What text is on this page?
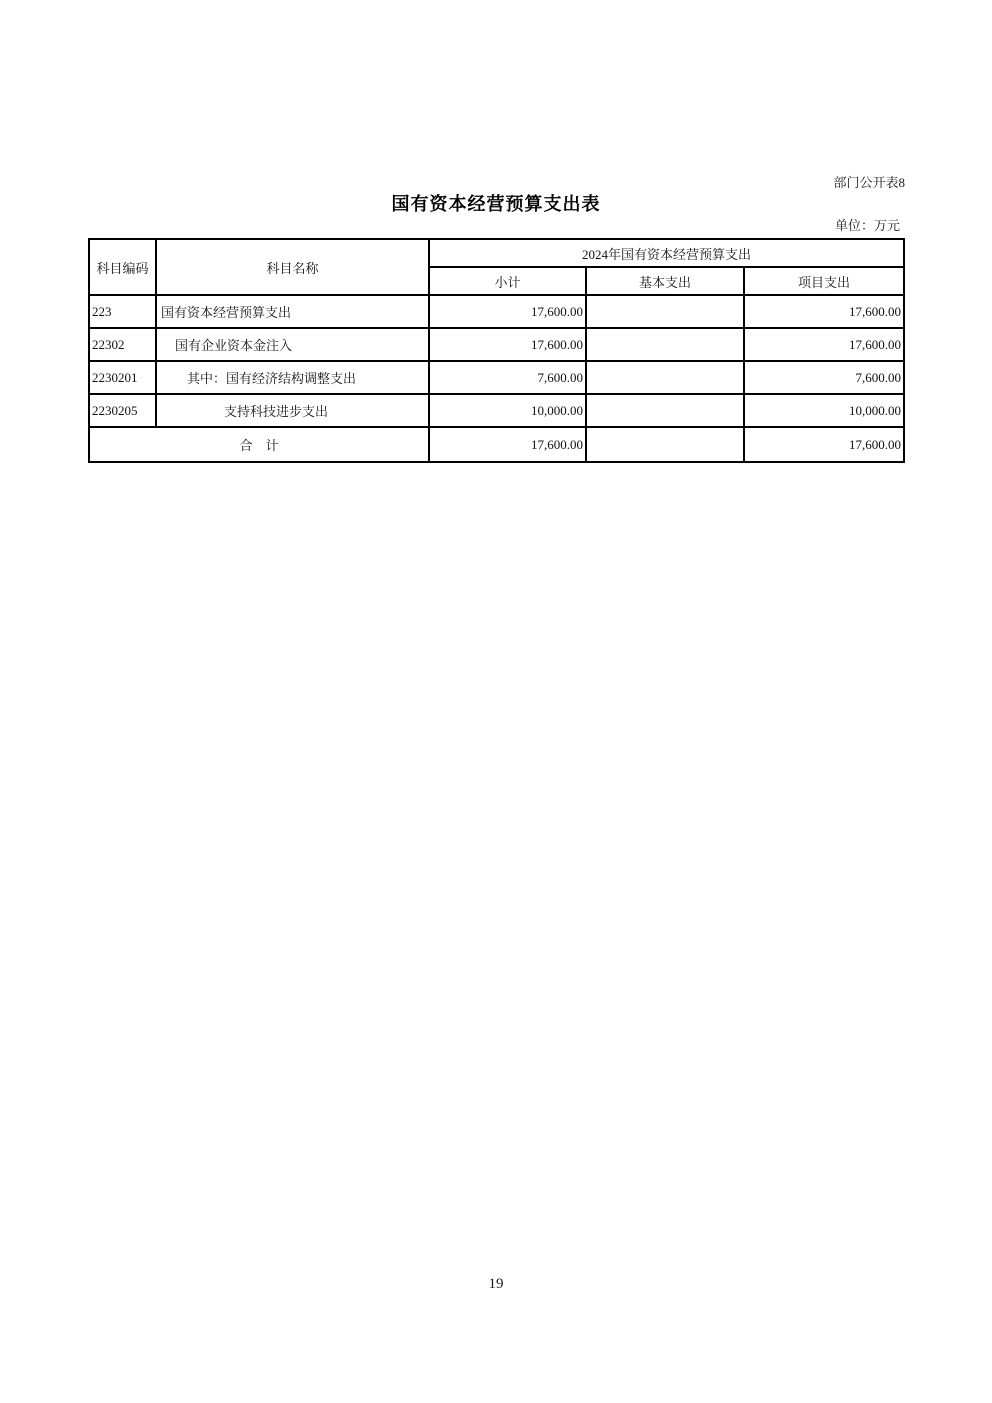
部门公开表8
国有资本经营预算支出表
单位：万元
科目编码	科目名称	2024年国有资本经营预算支出		
		小计	基本支出	项目支出
223	国有资本经营预算支出	17,600.00		17,600.00
22302	国有企业资本金注入	17,600.00		17,600.00
2230201	其中：国有经济结构调整支出	7,600.00		7,600.00
2230205	支持科技进步支出	10,000.00		10,000.00
合　计		17,600.00		17,600.00
19
